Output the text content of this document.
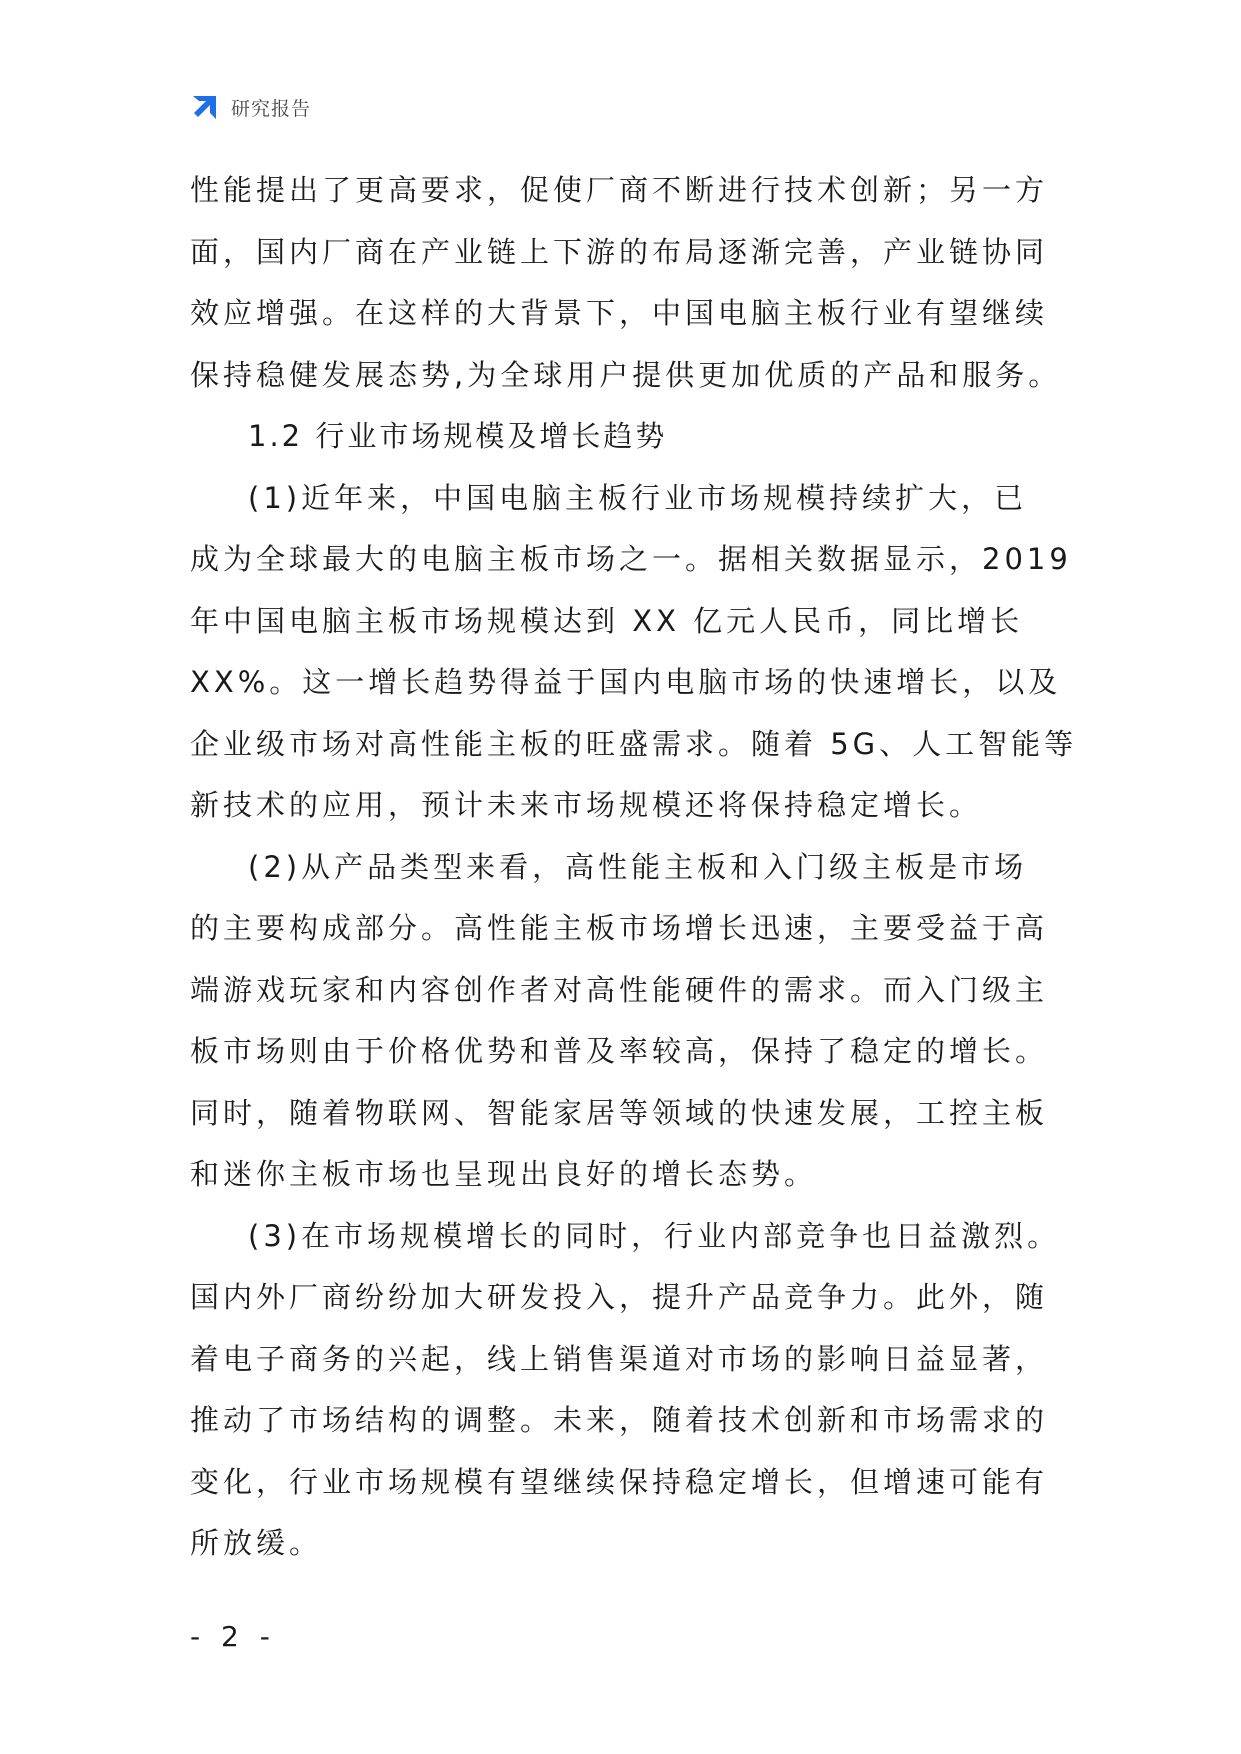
研究报告

性能提出了更高要求，促使厂商不断进行技术创新；另一方
面，国内厂商在产业链上下游的布局逐渐完善，产业链协同
效应增强。在这样的大背景下，中国电脑主板行业有望继续
保持稳健发展态势,为全球用户提供更加优质的产品和服务。

1.2 行业市场规模及增长趋势

(1)近年来，中国电脑主板行业市场规模持续扩大，已
成为全球最大的电脑主板市场之一。据相关数据显示，2019
年中国电脑主板市场规模达到 XX 亿元人民币，同比增长
XX%。这一增长趋势得益于国内电脑市场的快速增长，以及
企业级市场对高性能主板的旺盛需求。随着 5G、人工智能等
新技术的应用，预计未来市场规模还将保持稳定增长。

(2)从产品类型来看，高性能主板和入门级主板是市场
的主要构成部分。高性能主板市场增长迅速，主要受益于高
端游戏玩家和内容创作者对高性能硬件的需求。而入门级主
板市场则由于价格优势和普及率较高，保持了稳定的增长。
同时，随着物联网、智能家居等领域的快速发展，工控主板
和迷你主板市场也呈现出良好的增长态势。

(3)在市场规模增长的同时，行业内部竞争也日益激烈。
国内外厂商纷纷加大研发投入，提升产品竞争力。此外，随
着电子商务的兴起，线上销售渠道对市场的影响日益显著，
推动了市场结构的调整。未来，随着技术创新和市场需求的
变化，行业市场规模有望继续保持稳定增长，但增速可能有
所放缓。

- 2 -
